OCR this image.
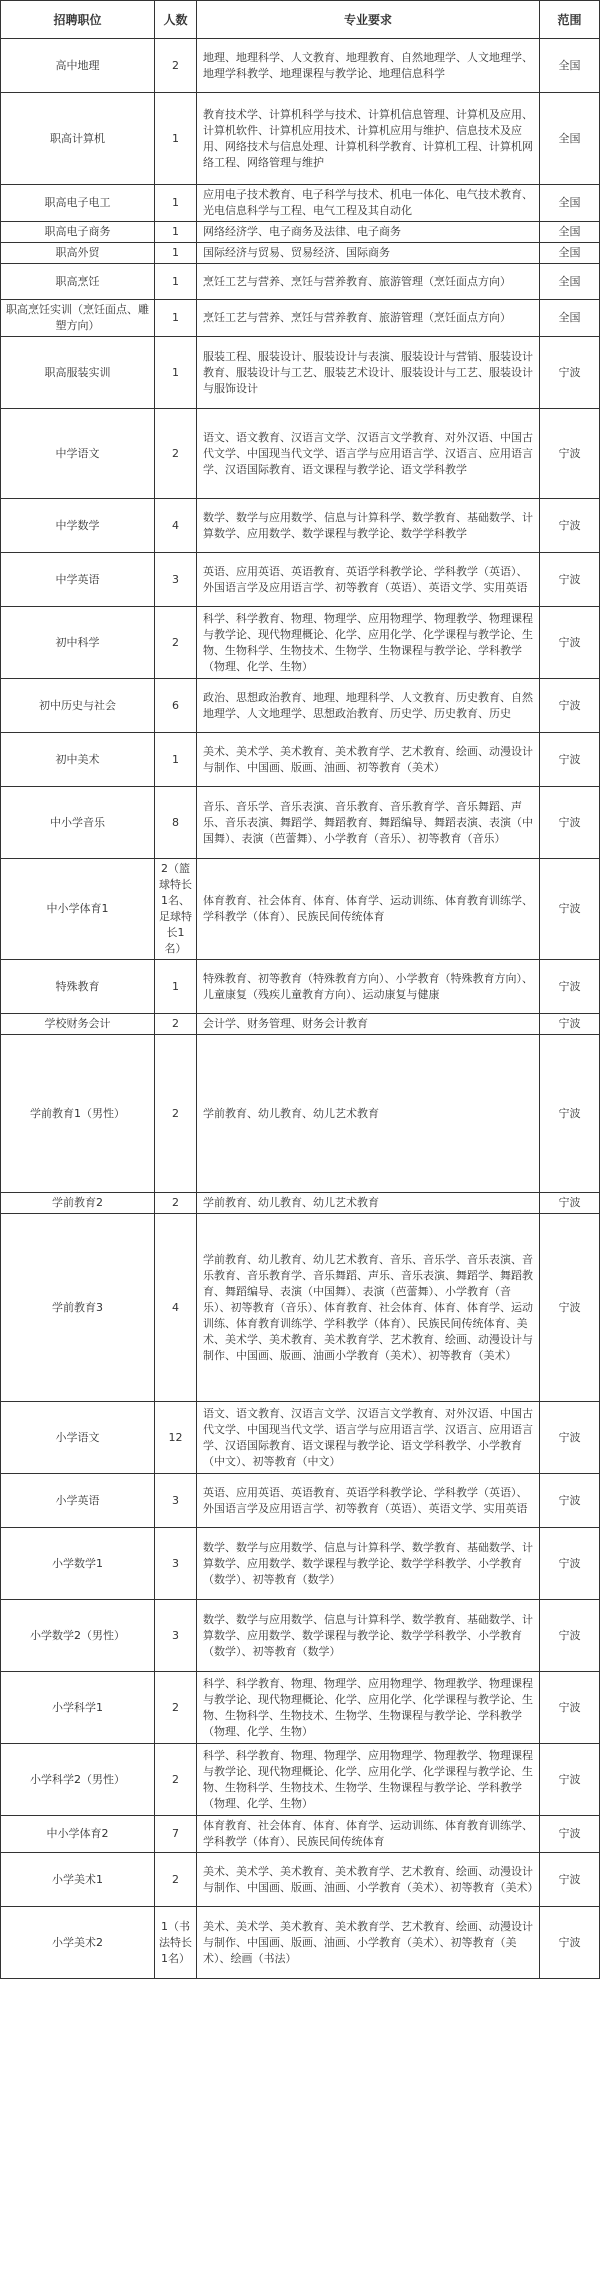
招聘职位	人数	专业要求	范围
高中地理	2	地理、地理科学、人文教育、地理教育、自然地理学、人文地理学、地理学科教学、地理课程与教学论、地理信息科学	全国
职高计算机	1	教育技术学、计算机科学与技术、计算机信息管理、计算机及应用、计算机软件、计算机应用技术、计算机应用与维护、信息技术及应用、网络技术与信息处理、计算机科学教育、计算机工程、计算机网络工程、网络管理与维护	全国
职高电子电工	1	应用电子技术教育、电子科学与技术、机电一体化、电气技术教育、光电信息科学与工程、电气工程及其自动化	全国
职高电子商务	1	网络经济学、电子商务及法律、电子商务	全国
职高外贸	1	国际经济与贸易、贸易经济、国际商务	全国
职高烹饪	1	烹饪工艺与营养、烹饪与营养教育、旅游管理（烹饪面点方向）	全国
职高烹饪实训（烹饪面点、雕塑方向）	1	烹饪工艺与营养、烹饪与营养教育、旅游管理（烹饪面点方向）	全国
职高服装实训	1	服装工程、服装设计、服装设计与表演、服装设计与营销、服装设计教育、服装设计与工艺、服装艺术设计、服装设计与工艺、服装设计与服饰设计	宁波
中学语文	2	语文、语文教育、汉语言文学、汉语言文学教育、对外汉语、中国古代文学、中国现当代文学、语言学与应用语言学、汉语言、应用语言学、汉语国际教育、语文课程与教学论、语文学科教学	宁波
中学数学	4	数学、数学与应用数学、信息与计算科学、数学教育、基础数学、计算数学、应用数学、数学课程与教学论、数学学科教学	宁波
中学英语	3	英语、应用英语、英语教育、英语学科教学论、学科教学（英语）、外国语言学及应用语言学、初等教育（英语）、英语文学、实用英语	宁波
初中科学	2	科学、科学教育、物理、物理学、应用物理学、物理教学、物理课程与教学论、现代物理概论、化学、应用化学、化学课程与教学论、生物、生物科学、生物技术、生物学、生物课程与教学论、学科教学（物理、化学、生物）	宁波
初中历史与社会	6	政治、思想政治教育、地理、地理科学、人文教育、历史教育、自然地理学、人文地理学、思想政治教育、历史学、历史教育、历史	宁波
初中美术	1	美术、美术学、美术教育、美术教育学、艺术教育、绘画、动漫设计与制作、中国画、版画、油画、初等教育（美术）	宁波
中小学音乐	8	音乐、音乐学、音乐表演、音乐教育、音乐教育学、音乐舞蹈、声乐、音乐表演、舞蹈学、舞蹈教育、舞蹈编导、舞蹈表演、表演（中国舞）、表演（芭蕾舞）、小学教育（音乐）、初等教育（音乐）	宁波
中小学体育1	2（篮球特长1名、足球特长1名）	体育教育、社会体育、体育、体育学、运动训练、体育教育训练学、学科教学（体育）、民族民间传统体育	宁波
特殊教育	1	特殊教育、初等教育（特殊教育方向）、小学教育（特殊教育方向）、儿童康复（残疾儿童教育方向）、运动康复与健康	宁波
学校财务会计	2	会计学、财务管理、财务会计教育	宁波
学前教育1（男性）	2	学前教育、幼儿教育、幼儿艺术教育	宁波
学前教育2	2	学前教育、幼儿教育、幼儿艺术教育	宁波
学前教育3	4	学前教育、幼儿教育、幼儿艺术教育、音乐、音乐学、音乐表演、音乐教育、音乐教育学、音乐舞蹈、声乐、音乐表演、舞蹈学、舞蹈教育、舞蹈编导、表演（中国舞）、表演（芭蕾舞）、小学教育（音乐）、初等教育（音乐）、体育教育、社会体育、体育、体育学、运动训练、体育教育训练学、学科教学（体育）、民族民间传统体育、美术、美术学、美术教育、美术教育学、艺术教育、绘画、动漫设计与制作、中国画、版画、油画小学教育（美术）、初等教育（美术）	宁波
小学语文	12	语文、语文教育、汉语言文学、汉语言文学教育、对外汉语、中国古代文学、中国现当代文学、语言学与应用语言学、汉语言、应用语言学、汉语国际教育、语文课程与教学论、语文学科教学、小学教育（中文）、初等教育（中文）	宁波
小学英语	3	英语、应用英语、英语教育、英语学科教学论、学科教学（英语）、外国语言学及应用语言学、初等教育（英语）、英语文学、实用英语	宁波
小学数学1	3	数学、数学与应用数学、信息与计算科学、数学教育、基础数学、计算数学、应用数学、数学课程与教学论、数学学科教学、小学教育（数学）、初等教育（数学）	宁波
小学数学2（男性）	3	数学、数学与应用数学、信息与计算科学、数学教育、基础数学、计算数学、应用数学、数学课程与教学论、数学学科教学、小学教育（数学）、初等教育（数学）	宁波
小学科学1	2	科学、科学教育、物理、物理学、应用物理学、物理教学、物理课程与教学论、现代物理概论、化学、应用化学、化学课程与教学论、生物、生物科学、生物技术、生物学、生物课程与教学论、学科教学（物理、化学、生物）	宁波
小学科学2（男性）	2	科学、科学教育、物理、物理学、应用物理学、物理教学、物理课程与教学论、现代物理概论、化学、应用化学、化学课程与教学论、生物、生物科学、生物技术、生物学、生物课程与教学论、学科教学（物理、化学、生物）	宁波
中小学体育2	7	体育教育、社会体育、体育、体育学、运动训练、体育教育训练学、学科教学（体育）、民族民间传统体育	宁波
小学美术1	2	美术、美术学、美术教育、美术教育学、艺术教育、绘画、动漫设计与制作、中国画、版画、油画、小学教育（美术）、初等教育（美术）	宁波
小学美术2	1（书法特长1名）	美术、美术学、美术教育、美术教育学、艺术教育、绘画、动漫设计与制作、中国画、版画、油画、小学教育（美术）、初等教育（美术）、绘画（书法）	宁波
